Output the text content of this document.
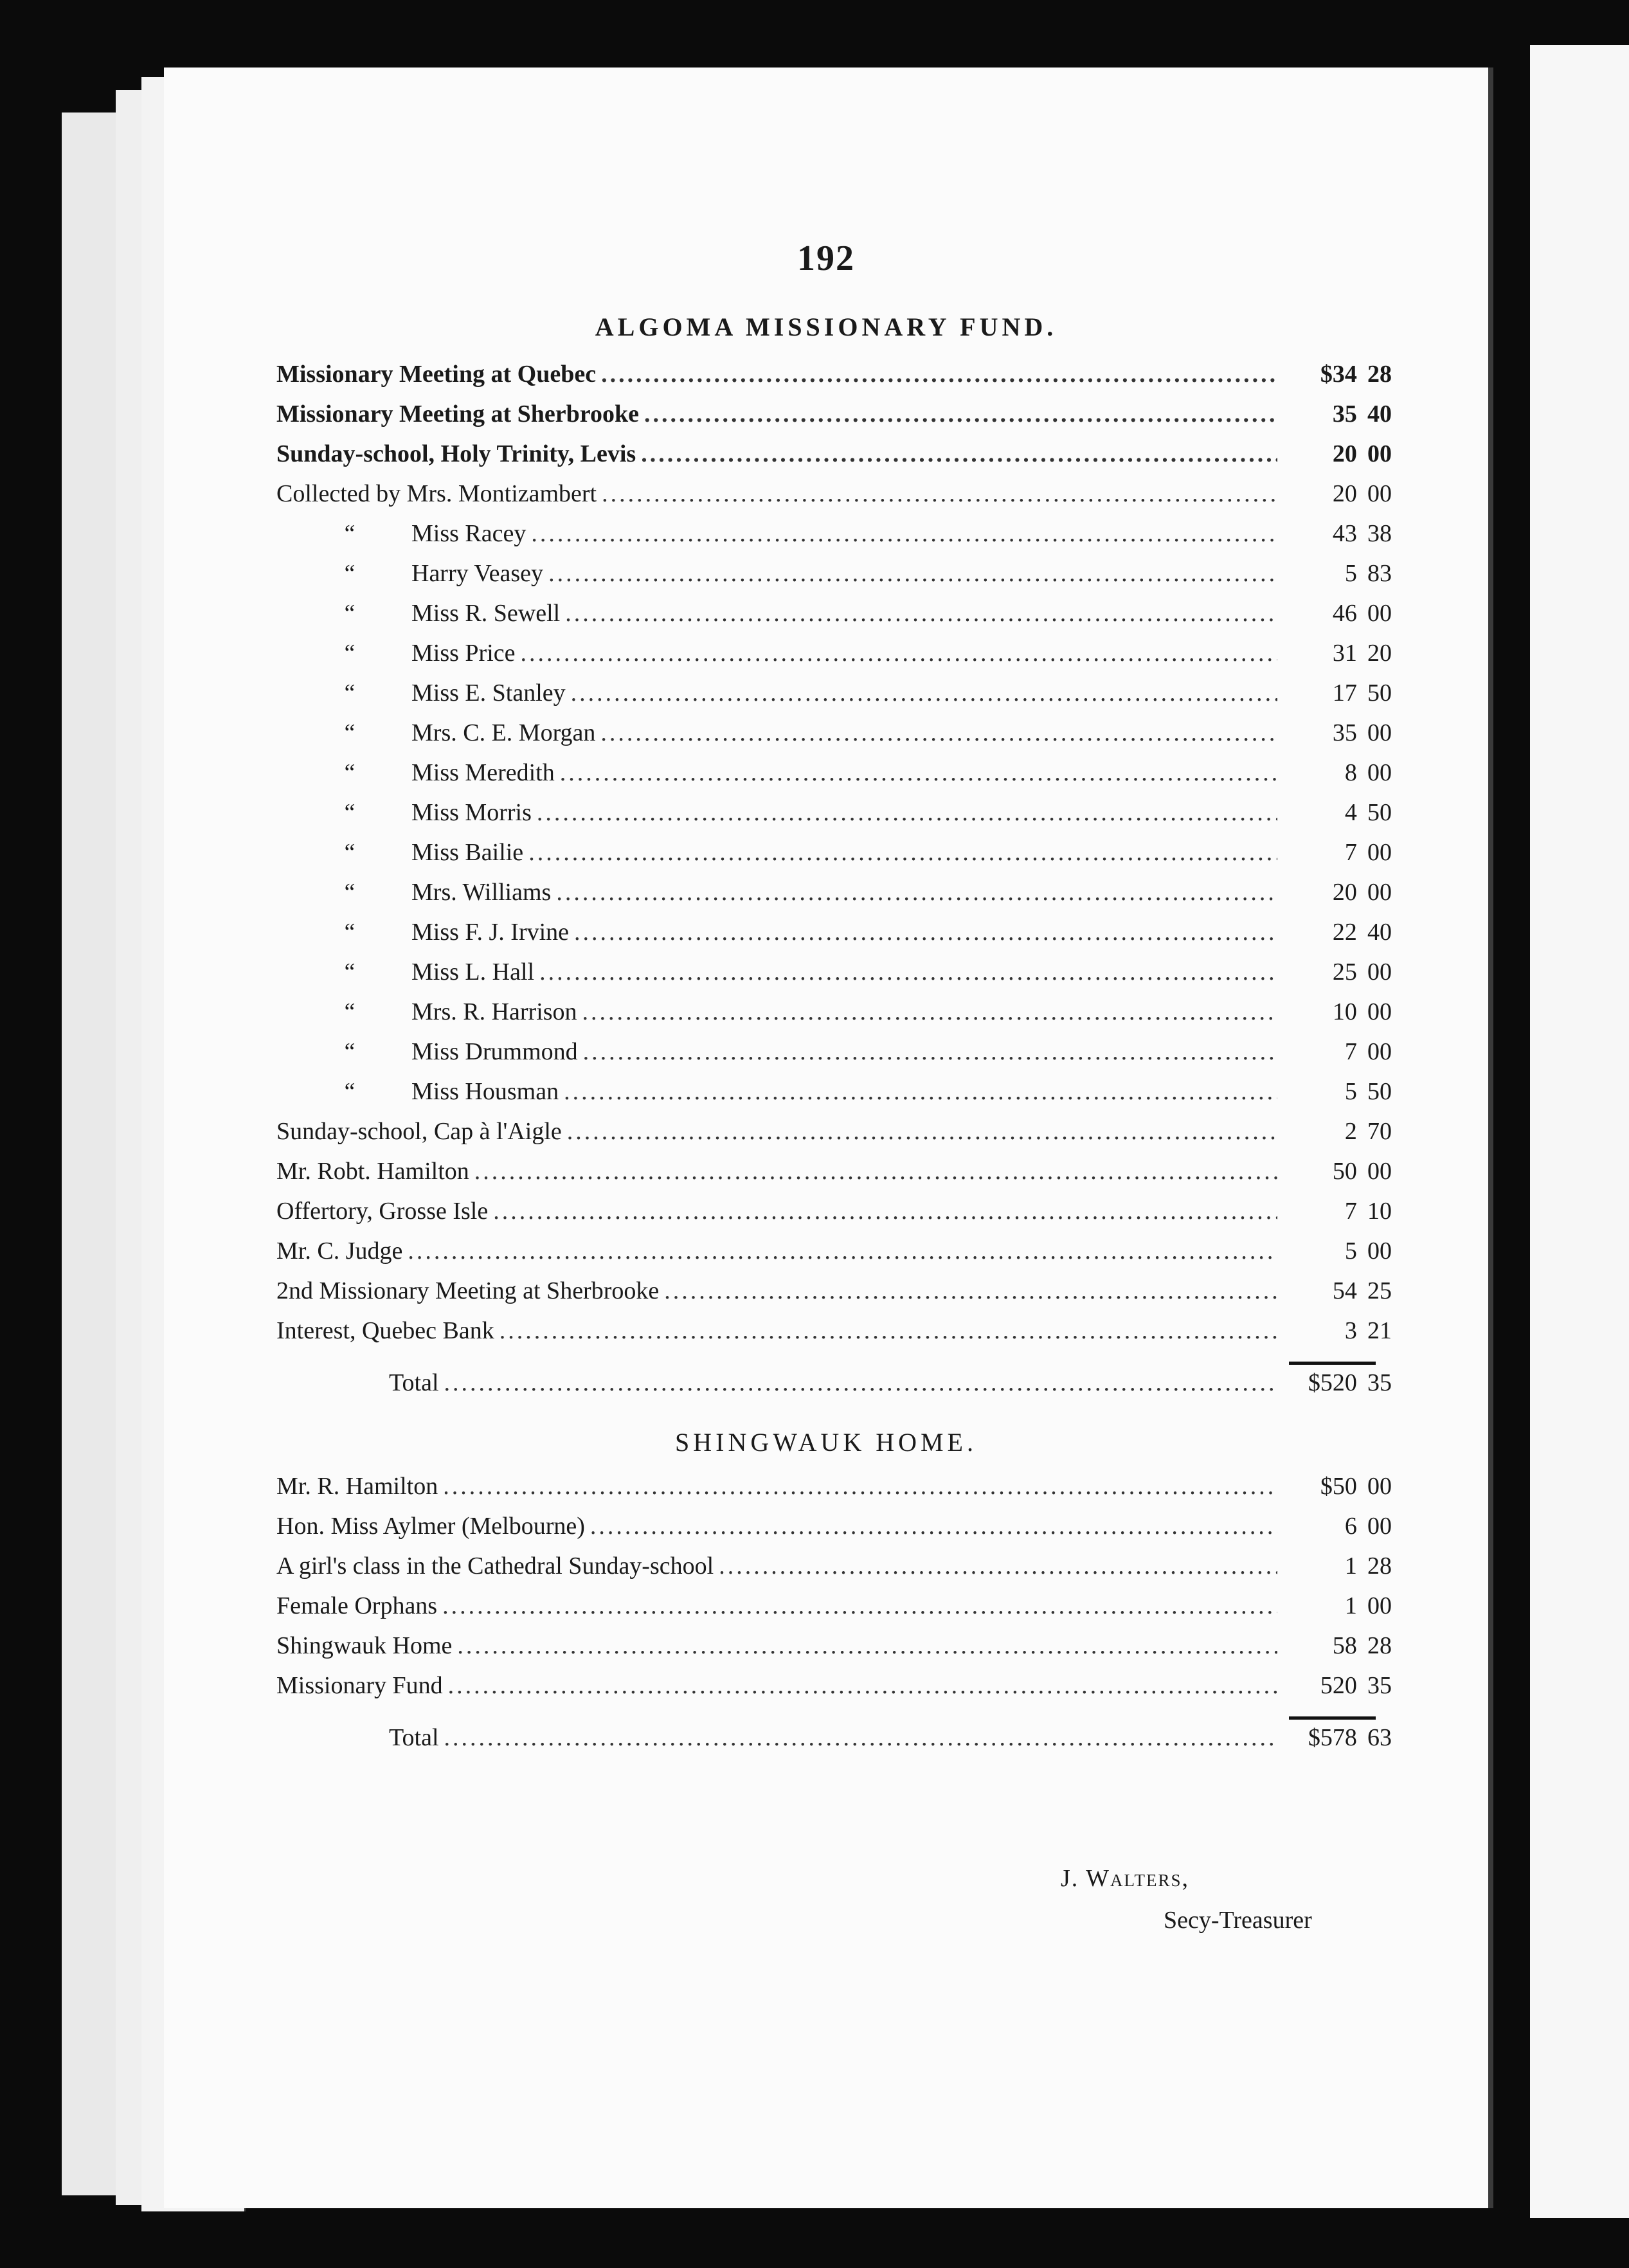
192
ALGOMA MISSIONARY FUND.
Missionary Meeting at Quebec .....	$34 28
Missionary Meeting at Sherbrooke .....	35 40
Sunday-school, Holy Trinity, Levis .....	20 00
Collected by Mrs. Montizambert .....	20 00
“	Miss Racey .....	43 38
“	Harry Veasey .....	5 83
“	Miss R. Sewell .....	46 00
“	Miss Price .....	31 20
“	Miss E. Stanley .....	17 50
“	Mrs. C. E. Morgan .....	35 00
“	Miss Meredith .....	8 00
“	Miss Morris .....	4 50
“	Miss Bailie .....	7 00
“	Mrs. Williams .....	20 00
“	Miss F. J. Irvine .....	22 40
“	Miss L. Hall .....	25 00
“	Mrs. R. Harrison .....	10 00
“	Miss Drummond .....	7 00
“	Miss Housman .....	5 50
Sunday-school, Cap à l'Aigle .....	2 70
Mr. Robt. Hamilton .....	50 00
Offertory, Grosse Isle .....	7 10
Mr. C. Judge .....	5 00
2nd Missionary Meeting at Sherbrooke .....	54 25
Interest, Quebec Bank .....	3 21
Total .....	$520 35
SHINGWAUK HOME.
Mr. R. Hamilton .....	$50 00
Hon. Miss Aylmer (Melbourne) .....	6 00
A girl's class in the Cathedral Sunday-school .....	1 28
Female Orphans .....	1 00
Shingwauk Home .....	58 28
Missionary Fund .....	520 35
Total .....	$578 63
J. Walters,
Secy-Treasurer
